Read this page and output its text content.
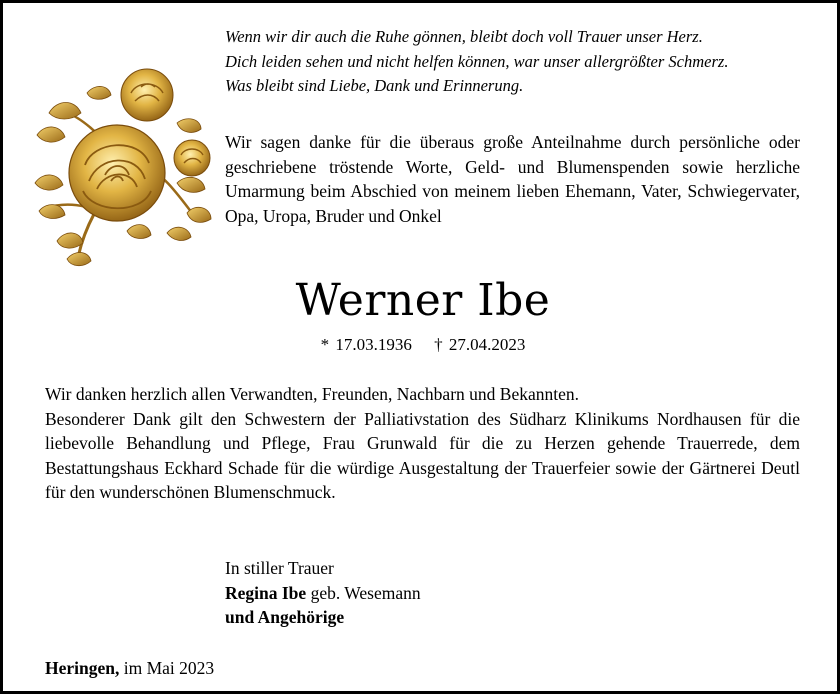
Wenn wir dir auch die Ruhe gönnen, bleibt doch voll Trauer unser Herz.
Dich leiden sehen und nicht helfen können, war unser allergrößter Schmerz.
Was bleibt sind Liebe, Dank und Erinnerung.
Wir sagen danke für die überaus große Anteilnahme durch persönliche oder geschriebene tröstende Worte, Geld- und Blumenspenden sowie herzliche Umarmung beim Abschied von meinem lieben Ehemann, Vater, Schwiegervater, Opa, Uropa, Bruder und Onkel
Werner Ibe
* 17.03.1936 † 27.04.2023

Wir danken herzlich allen Verwandten, Freunden, Nachbarn und Bekannten.

Besonderer Dank gilt den Schwestern der Palliativstation des Südharz Klinikums Nordhausen für die liebevolle Behandlung und Pflege, Frau Grunwald für die zu Herzen gehende Trauerrede, dem Bestattungshaus Eckhard Schade für die würdige Ausgestaltung der Trauerfeier sowie der Gärtnerei Deutl für den wunderschönen Blumenschmuck.

In stiller Trauer
Regina Ibe geb. Wesemann
und Angehörige
Heringen, im Mai 2023
